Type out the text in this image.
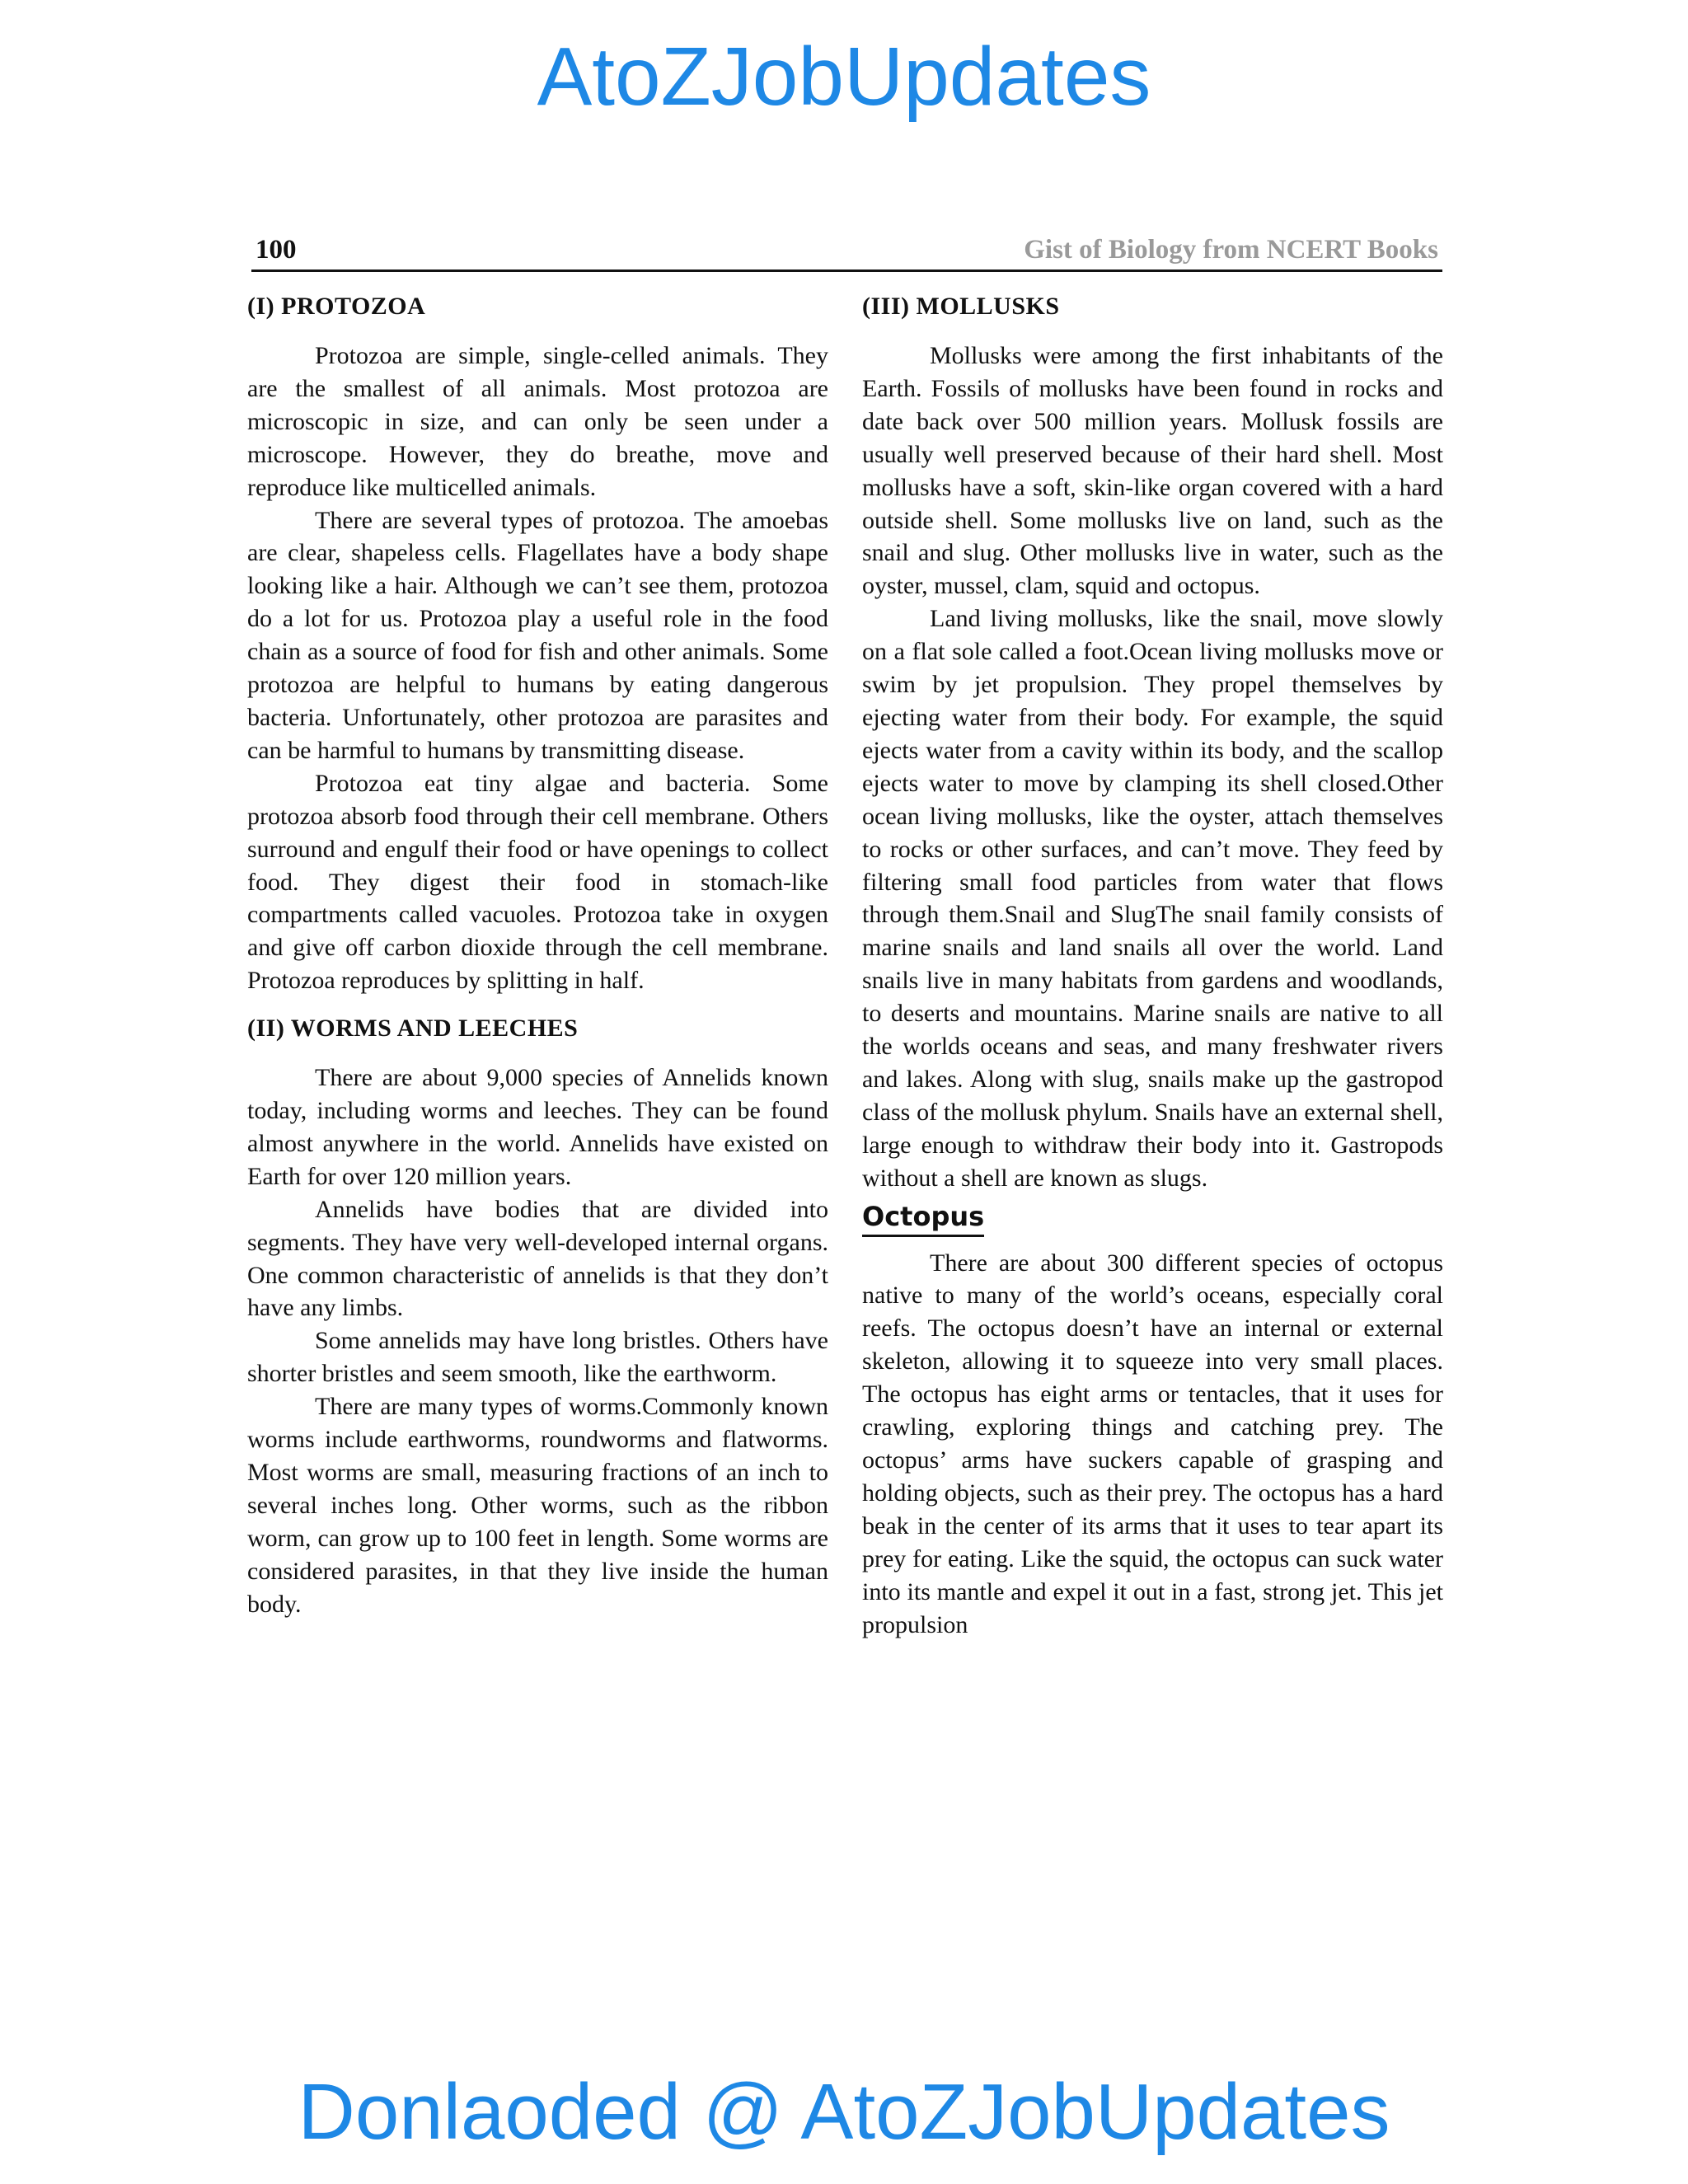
AtoZJobUpdates
100	Gist of Biology from NCERT Books
(I) PROTOZOA

Protozoa are simple, single-celled animals. They are the smallest of all animals. Most protozoa are microscopic in size, and can only be seen under a microscope. However, they do breathe, move and reproduce like multicelled animals.

There are several types of protozoa. The amoebas are clear, shapeless cells. Flagellates have a body shape looking like a hair. Although we can’t see them, protozoa do a lot for us. Protozoa play a useful role in the food chain as a source of food for fish and other animals. Some protozoa are helpful to humans by eating dangerous bacteria. Unfortunately, other protozoa are parasites and can be harmful to humans by transmitting disease.

Protozoa eat tiny algae and bacteria. Some protozoa absorb food through their cell membrane. Others surround and engulf their food or have openings to collect food. They digest their food in stomach-like compartments called vacuoles. Protozoa take in oxygen and give off carbon dioxide through the cell membrane. Protozoa reproduces by splitting in half.

(II) WORMS AND LEECHES

There are about 9,000 species of Annelids known today, including worms and leeches. They can be found almost anywhere in the world. Annelids have existed on Earth for over 120 million years.

Annelids have bodies that are divided into segments. They have very well-developed internal organs. One common characteristic of annelids is that they don’t have any limbs.

Some annelids may have long bristles. Others have shorter bristles and seem smooth, like the earthworm.

There are many types of worms.Commonly known worms include earthworms, roundworms and flatworms. Most worms are small, measuring fractions of an inch to several inches long. Other worms, such as the ribbon worm, can grow up to 100 feet in length. Some worms are considered parasites, in that they live inside the human body.

(III) MOLLUSKS

Mollusks were among the first inhabitants of the Earth. Fossils of mollusks have been found in rocks and date back over 500 million years. Mollusk fossils are usually well preserved because of their hard shell. Most mollusks have a soft, skin-like organ covered with a hard outside shell. Some mollusks live on land, such as the snail and slug. Other mollusks live in water, such as the oyster, mussel, clam, squid and octopus.

Land living mollusks, like the snail, move slowly on a flat sole called a foot.Ocean living mollusks move or swim by jet propulsion. They propel themselves by ejecting water from their body. For example, the squid ejects water from a cavity within its body, and the scallop ejects water to move by clamping its shell closed.Other ocean living mollusks, like the oyster, attach themselves to rocks or other surfaces, and can’t move. They feed by filtering small food particles from water that flows through them.Snail and SlugThe snail family consists of marine snails and land snails all over the world. Land snails live in many habitats from gardens and woodlands, to deserts and mountains. Marine snails are native to all the worlds oceans and seas, and many freshwater rivers and lakes. Along with slug, snails make up the gastropod class of the mollusk phylum. Snails have an external shell, large enough to withdraw their body into it. Gastropods without a shell are known as slugs.

Octopus

There are about 300 different species of octopus native to many of the world’s oceans, especially coral reefs. The octopus doesn’t have an internal or external skeleton, allowing it to squeeze into very small places. The octopus has eight arms or tentacles, that it uses for crawling, exploring things and catching prey. The octopus’ arms have suckers capable of grasping and holding objects, such as their prey. The octopus has a hard beak in the center of its arms that it uses to tear apart its prey for eating. Like the squid, the octopus can suck water into its mantle and expel it out in a fast, strong jet. This jet propulsion

Donlaoded @ AtoZJobUpdates
